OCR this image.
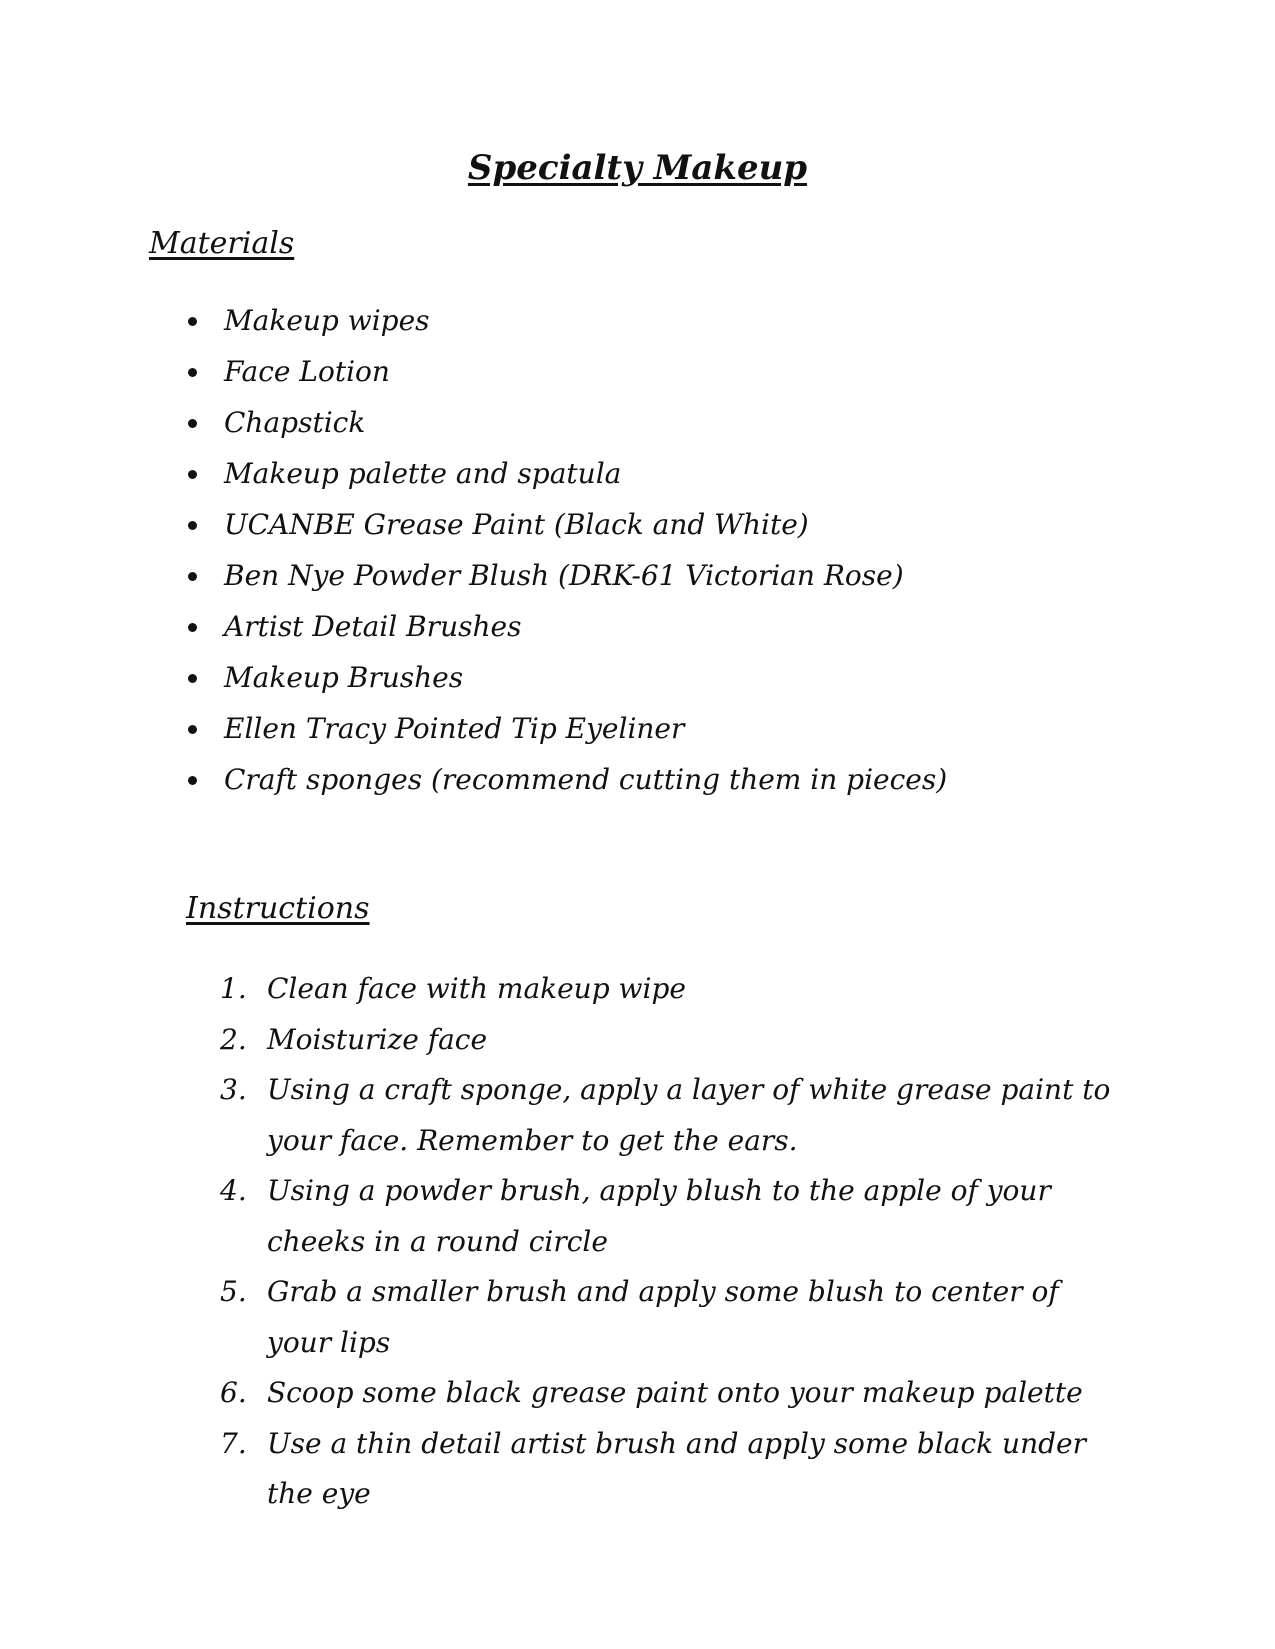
Specialty Makeup
Materials
Makeup wipes
Face Lotion
Chapstick
Makeup palette and spatula
UCANBE Grease Paint (Black and White)
Ben Nye Powder Blush (DRK-61 Victorian Rose)
Artist Detail Brushes
Makeup Brushes
Ellen Tracy Pointed Tip Eyeliner
Craft sponges (recommend cutting them in pieces)
Instructions
1. Clean face with makeup wipe
2. Moisturize face
3. Using a craft sponge, apply a layer of white grease paint to your face. Remember to get the ears.
4. Using a powder brush, apply blush to the apple of your cheeks in a round circle
5. Grab a smaller brush and apply some blush to center of your lips
6. Scoop some black grease paint onto your makeup palette
7. Use a thin detail artist brush and apply some black under the eye
